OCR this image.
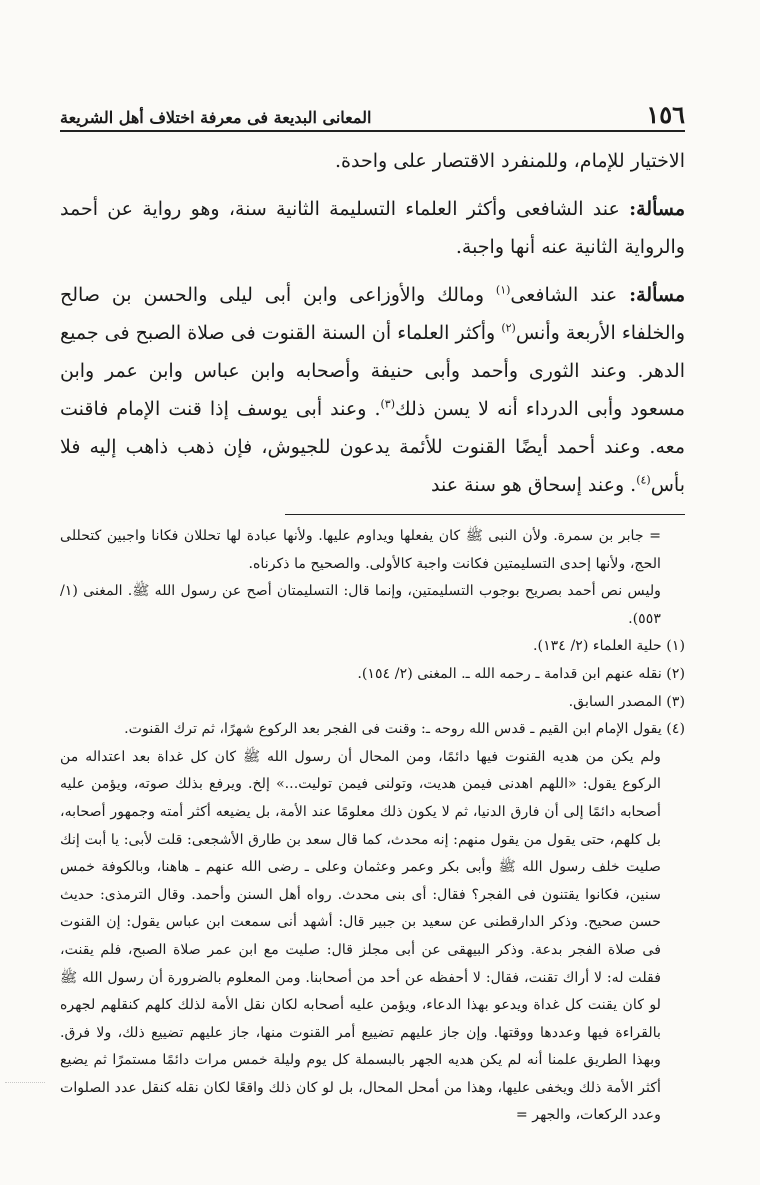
١٥٦
المعانى البديعة فى معرفة اختلاف أهل الشريعة

الاختيار للإمام، وللمنفرد الاقتصار على واحدة.

مسألة: عند الشافعى وأكثر العلماء التسليمة الثانية سنة، وهو رواية عن أحمد والرواية الثانية عنه أنها واجبة.

مسألة: عند الشافعى$^{(١)}$ ومالك والأوزاعى وابن أبى ليلى والحسن بن صالح والخلفاء الأربعة وأنس$^{(٢)}$ وأكثر العلماء أن السنة القنوت فى صلاة الصبح فى جميع الدهر. وعند الثورى وأحمد وأبى حنيفة وأصحابه وابن عباس وابن عمر وابن مسعود وأبى الدرداء أنه لا يسن ذلك$^{(٣)}$. وعند أبى يوسف إذا قنت الإمام فاقنت معه. وعند أحمد أيضًا القنوت للأئمة يدعون للجيوش، فإن ذهب ذاهب إليه فلا بأس$^{(٤)}$. وعند إسحاق هو سنة عند

= جابر بن سمرة. ولأن النبى ﷺ كان يفعلها ويداوم عليها. ولأنها عبادة لها تحللان فكانا واجبين كتحللى الحج، ولأنها إحدى التسليمتين فكانت واجبة كالأولى. والصحيح ما ذكرناه.

وليس نص أحمد بصريح بوجوب التسليمتين، وإنما قال: التسليمتان أصح عن رسول الله ﷺ. المغنى (١/ ٥٥٣).

(١) حلية العلماء (٢/ ١٣٤).

(٢) نقله عنهم ابن قدامة ـ رحمه الله ـ. المغنى (٢/ ١٥٤).

(٣) المصدر السابق.

(٤) يقول الإمام ابن القيم ـ قدس الله روحه ـ: وقنت فى الفجر بعد الركوع شهرًا، ثم ترك القنوت.

ولم يكن من هديه القنوت فيها دائمًا، ومن المحال أن رسول الله ﷺ كان كل غداة بعد اعتداله من الركوع يقول: «اللهم اهدنى فيمن هديت، وتولنى فيمن توليت...» إلخ. ويرفع بذلك صوته، ويؤمن عليه أصحابه دائمًا إلى أن فارق الدنيا، ثم لا يكون ذلك معلومًا عند الأمة، بل يضيعه أكثر أمته وجمهور أصحابه، بل كلهم، حتى يقول من يقول منهم: إنه محدث، كما قال سعد بن طارق الأشجعى: قلت لأبى: يا أبت إنك صليت خلف رسول الله ﷺ وأبى بكر وعمر وعثمان وعلى ـ رضى الله عنهم ـ هاهنا، وبالكوفة خمس سنين، فكانوا يقتنون فى الفجر؟ فقال: أى بنى محدث. رواه أهل السنن وأحمد. وقال الترمذى: حديث حسن صحيح. وذكر الدارقطنى عن سعيد بن جبير قال: أشهد أنى سمعت ابن عباس يقول: إن القنوت فى صلاة الفجر بدعة. وذكر البيهقى عن أبى مجلز قال: صليت مع ابن عمر صلاة الصبح، فلم يقنت، فقلت له: لا أراك تقنت، فقال: لا أحفظه عن أحد من أصحابنا. ومن المعلوم بالضرورة أن رسول الله ﷺ لو كان يقنت كل غداة ويدعو بهذا الدعاء، ويؤمن عليه أصحابه لكان نقل الأمة لذلك كلهم كنقلهم لجهره بالقراءة فيها وعددها ووقتها. وإن جاز عليهم تضييع أمر القنوت منها، جاز عليهم تضييع ذلك، ولا فرق. وبهذا الطريق علمنا أنه لم يكن هديه الجهر بالبسملة كل يوم وليلة خمس مرات دائمًا مستمرًا ثم يضيع أكثر الأمة ذلك ويخفى عليها، وهذا من أمحل المحال، بل لو كان ذلك واقعًا لكان نقله كنقل عدد الصلوات وعدد الركعات، والجهر =
